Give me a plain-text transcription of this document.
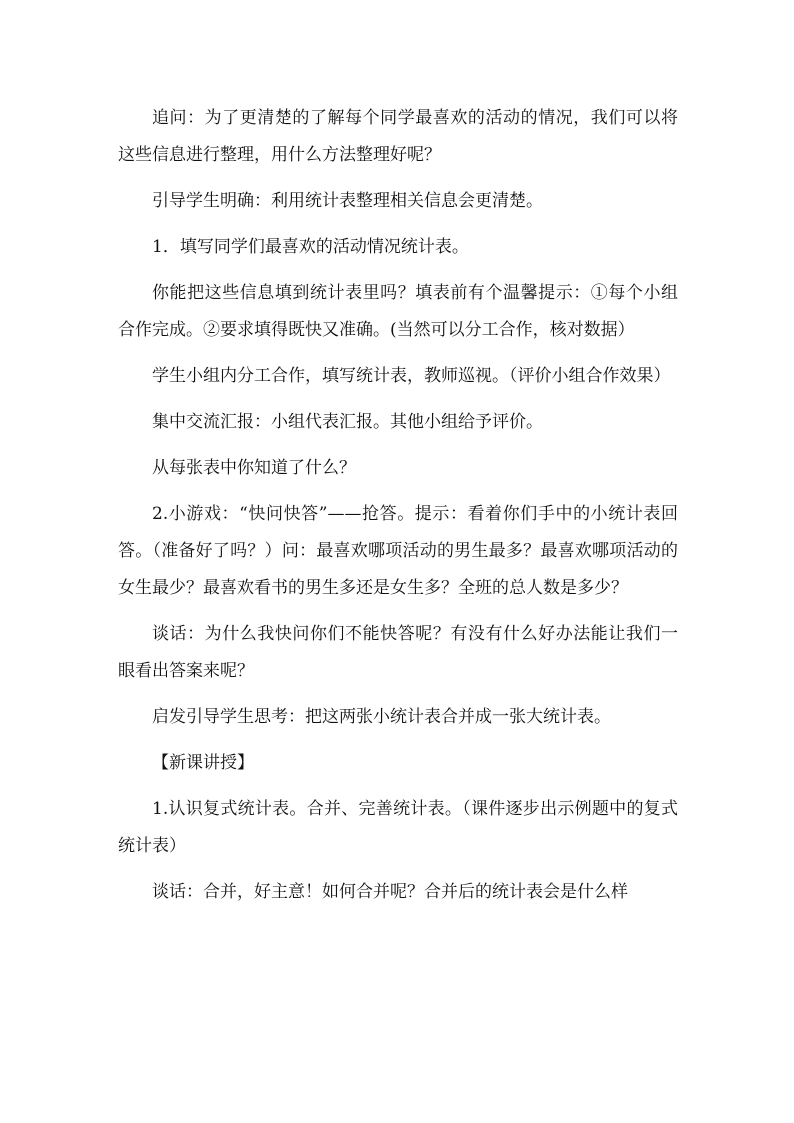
追问：为了更清楚的了解每个同学最喜欢的活动的情况，我们可以将这些信息进行整理，用什么方法整理好呢？

引导学生明确：利用统计表整理相关信息会更清楚。

1．填写同学们最喜欢的活动情况统计表。

你能把这些信息填到统计表里吗？填表前有个温馨提示：①每个小组合作完成。②要求填得既快又准确。(当然可以分工合作，核对数据）

学生小组内分工合作，填写统计表，教师巡视。（评价小组合作效果）

集中交流汇报：小组代表汇报。其他小组给予评价。

从每张表中你知道了什么？

2.小游戏：“快问快答”——抢答。提示：看着你们手中的小统计表回答。（准备好了吗？）问：最喜欢哪项活动的男生最多？最喜欢哪项活动的女生最少？最喜欢看书的男生多还是女生多？全班的总人数是多少？

谈话：为什么我快问你们不能快答呢？有没有什么好办法能让我们一眼看出答案来呢？

启发引导学生思考：把这两张小统计表合并成一张大统计表。

【新课讲授】

1.认识复式统计表。合并、完善统计表。（课件逐步出示例题中的复式统计表）

谈话：合并，好主意！如何合并呢？合并后的统计表会是什么样
